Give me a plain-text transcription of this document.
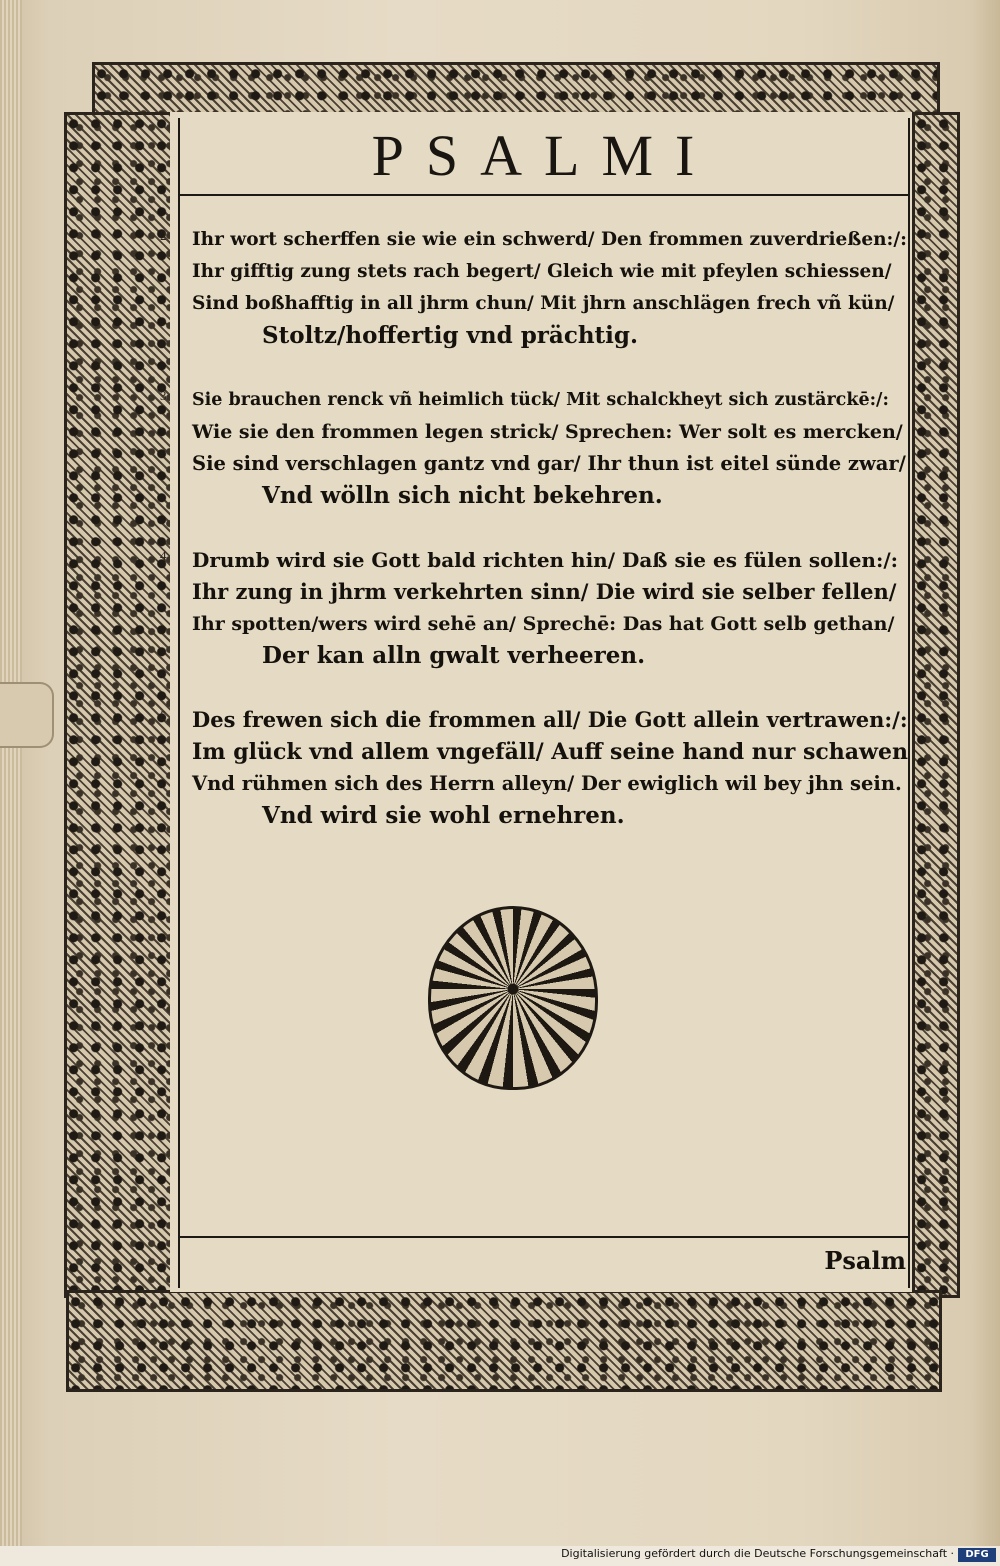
PSALMI
2 Ihr wort scherffen sie wie ein schwerd/ Den frommen zuverdrießen:/:
Ihr gifftig zung stets rach begert/ Gleich wie mit pfeylen schiessen/
Sind boßhafftig in all jhrm chun/ Mit jhrn anschlägen frech vñ kün/
Stoltz/hoffertig vnd prächtig.
3 Sie brauchen renck vñ heimlich tück/ Mit schalckheyt sich zustärckē:/:
Wie sie den frommen legen strick/ Sprechen: Wer solt es mercken/
Sie sind verschlagen gantz vnd gar/ Ihr thun ist eitel sünde zwar/
Vnd wölln sich nicht bekehren.
4 Drumb wird sie Gott bald richten hin/ Daß sie es fülen sollen:/:
Ihr zung in jhrm verkehrten sinn/ Die wird sie selber fellen/
Ihr spotten/wers wird sehē an/ Sprechē: Das hat Gott selb gethan/
Der kan alln gwalt verheeren.
5 Des frewen sich die frommen all/ Die Gott allein vertrawen:/:
Im glück vnd allem vngefäll/ Auff seine hand nur schawen
Vnd rühmen sich des Herrn alleyn/ Der ewiglich wil bey jhn sein.
Vnd wird sie wohl ernehren.
Psalm
Digitalisierung gefördert durch die Deutsche Forschungsgemeinschaft ·	DFG
